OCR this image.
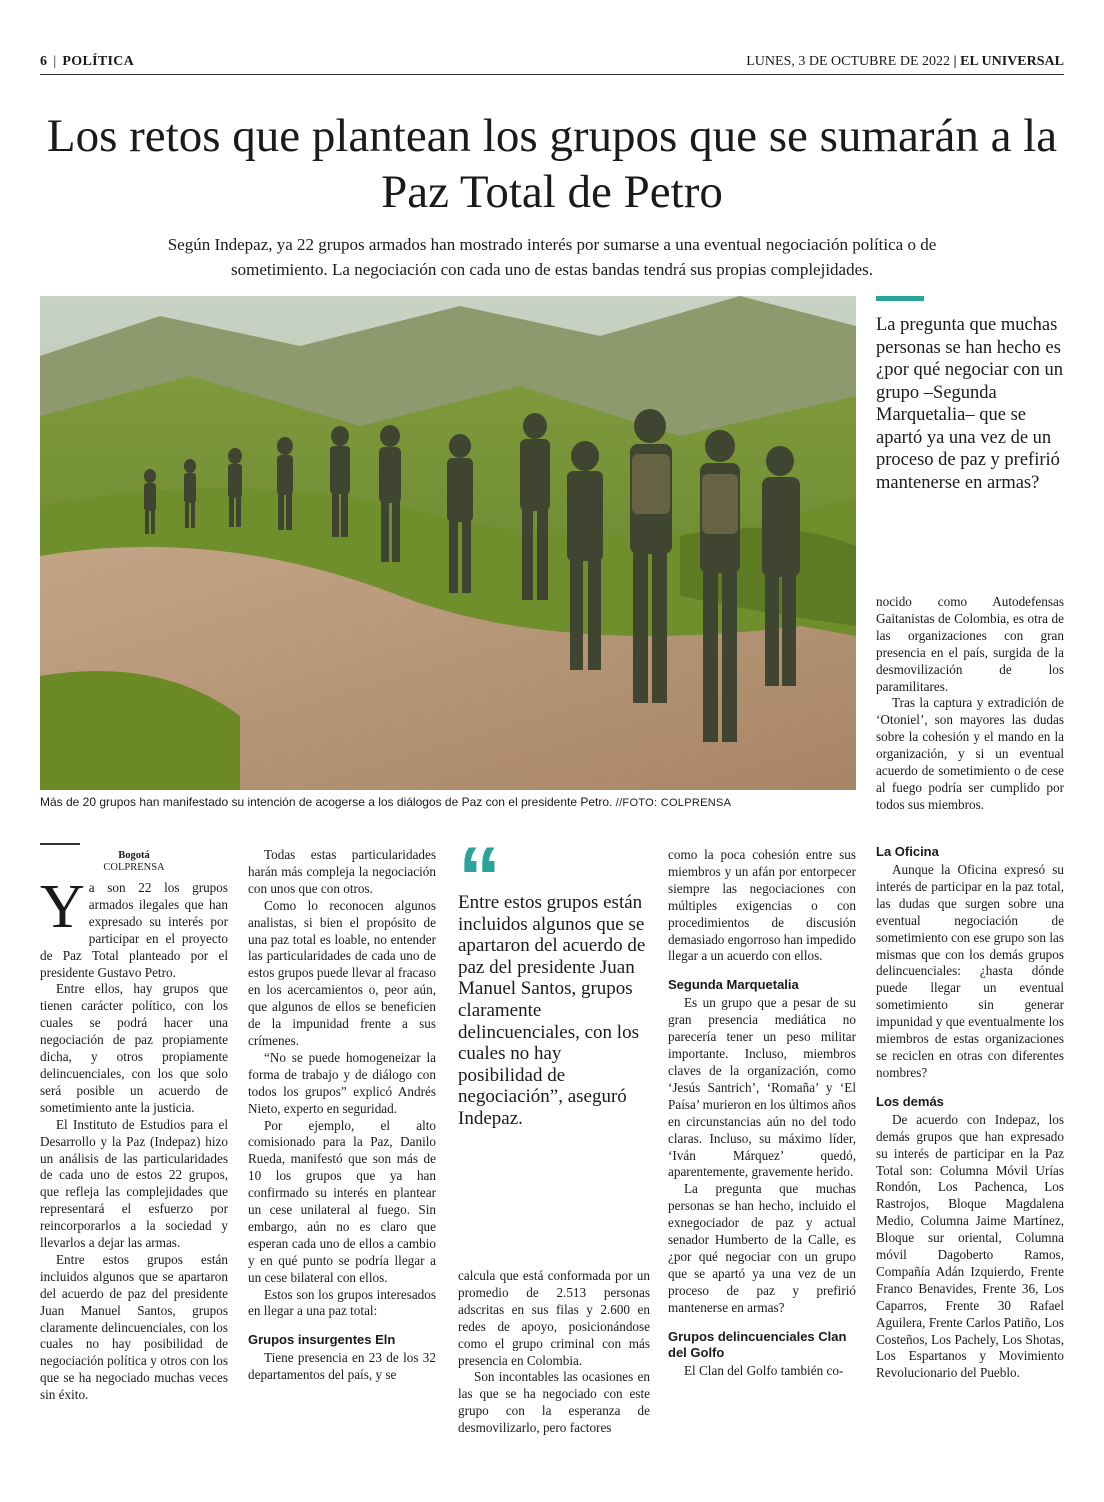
6 | POLÍTICA	LUNES, 3 DE OCTUBRE DE 2022 | EL UNIVERSAL
Los retos que plantean los grupos que se sumarán a la Paz Total de Petro

Según Indepaz, ya 22 grupos armados han mostrado interés por sumarse a una eventual negociación política o de sometimiento. La negociación con cada uno de estas bandas tendrá sus propias complejidades.

Más de 20 grupos han manifestado su intención de acogerse a los diálogos de Paz con el presidente Petro. //FOTO: COLPRENSA

La pregunta que muchas personas se han hecho es ¿por qué negociar con un grupo –Segunda Marquetalia– que se apartó ya una vez de un proceso de paz y prefirió mantenerse en armas?

Bogotá
COLPRENSA

Ya son 22 los grupos armados ilegales que han expresado su interés por participar en el proyecto de Paz Total planteado por el presidente Gustavo Petro.

Entre ellos, hay grupos que tienen carácter político, con los cuales se podrá hacer una negociación de paz propiamente dicha, y otros propiamente delincuenciales, con los que solo será posible un acuerdo de sometimiento ante la justicia.

El Instituto de Estudios para el Desarrollo y la Paz (Indepaz) hizo un análisis de las particularidades de cada uno de estos 22 grupos, que refleja las complejidades que representará el esfuerzo por reincorporarlos a la sociedad y llevarlos a dejar las armas.

Entre estos grupos están incluidos algunos que se apartaron del acuerdo de paz del presidente Juan Manuel Santos, grupos claramente delincuenciales, con los cuales no hay posibilidad de negociación política y otros con los que se ha negociado muchas veces sin éxito.

Todas estas particularidades harán más compleja la negociación con unos que con otros.

Como lo reconocen algunos analistas, si bien el propósito de una paz total es loable, no entender las particularidades de cada uno de estos grupos puede llevar al fracaso en los acercamientos o, peor aún, que algunos de ellos se beneficien de la impunidad frente a sus crímenes.

“No se puede homogeneizar la forma de trabajo y de diálogo con todos los grupos” explicó Andrés Nieto, experto en seguridad.

Por ejemplo, el alto comisionado para la Paz, Danilo Rueda, manifestó que son más de 10 los grupos que ya han confirmado su interés en plantear un cese unilateral al fuego. Sin embargo, aún no es claro que esperan cada uno de ellos a cambio y en qué punto se podría llegar a un cese bilateral con ellos.

Estos son los grupos interesados en llegar a una paz total:

Grupos insurgentes Eln

Tiene presencia en 23 de los 32 departamentos del país, y se

“

Entre estos grupos están incluidos algunos que se apartaron del acuerdo de paz del presidente Juan Manuel Santos, grupos claramente delincuenciales, con los cuales no hay posibilidad de negociación”, aseguró Indepaz.

calcula que está conformada por un promedio de 2.513 personas adscritas en sus filas y 2.600 en redes de apoyo, posicionándose como el grupo criminal con más presencia en Colombia.

Son incontables las ocasiones en las que se ha negociado con este grupo con la esperanza de desmovilizarlo, pero factores

como la poca cohesión entre sus miembros y un afán por entorpecer siempre las negociaciones con múltiples exigencias o con procedimientos de discusión demasiado engorroso han impedido llegar a un acuerdo con ellos.

Segunda Marquetalia

Es un grupo que a pesar de su gran presencia mediática no parecería tener un peso militar importante. Incluso, miembros claves de la organización, como ‘Jesús Santrich’, ‘Romaña’ y ‘El Paísa’ murieron en los últimos años en circunstancias aún no del todo claras. Incluso, su máximo líder, ‘Iván Márquez’ quedó, aparentemente, gravemente herido.

La pregunta que muchas personas se han hecho, incluido el exnegociador de paz y actual senador Humberto de la Calle, es ¿por qué negociar con un grupo que se apartó ya una vez de un proceso de paz y prefirió mantenerse en armas?

Grupos delincuenciales Clan del Golfo

El Clan del Golfo también co-

nocido como Autodefensas Gaitanistas de Colombia, es otra de las organizaciones con gran presencia en el país, surgida de la desmovilización de los paramilitares.

Tras la captura y extradición de ‘Otoniel’, son mayores las dudas sobre la cohesión y el mando en la organización, y si un eventual acuerdo de sometimiento o de cese al fuego podría ser cumplido por todos sus miembros.

La Oficina

Aunque la Oficina expresó su interés de participar en la paz total, las dudas que surgen sobre una eventual negociación de sometimiento con ese grupo son las mismas que con los demás grupos delincuenciales: ¿hasta dónde puede llegar un eventual sometimiento sin generar impunidad y que eventualmente los miembros de estas organizaciones se reciclen en otras con diferentes nombres?

Los demás

De acuerdo con Indepaz, los demás grupos que han expresado su interés de participar en la Paz Total son: Columna Móvil Urías Rondón, Los Pachenca, Los Rastrojos, Bloque Magdalena Medio, Columna Jaime Martínez, Bloque sur oriental, Columna móvil Dagoberto Ramos, Compañía Adán Izquierdo, Frente Franco Benavides, Frente 36, Los Caparros, Frente 30 Rafael Aguilera, Frente Carlos Patiño, Los Costeños, Los Pachely, Los Shotas, Los Espartanos y Movimiento Revolucionario del Pueblo.
